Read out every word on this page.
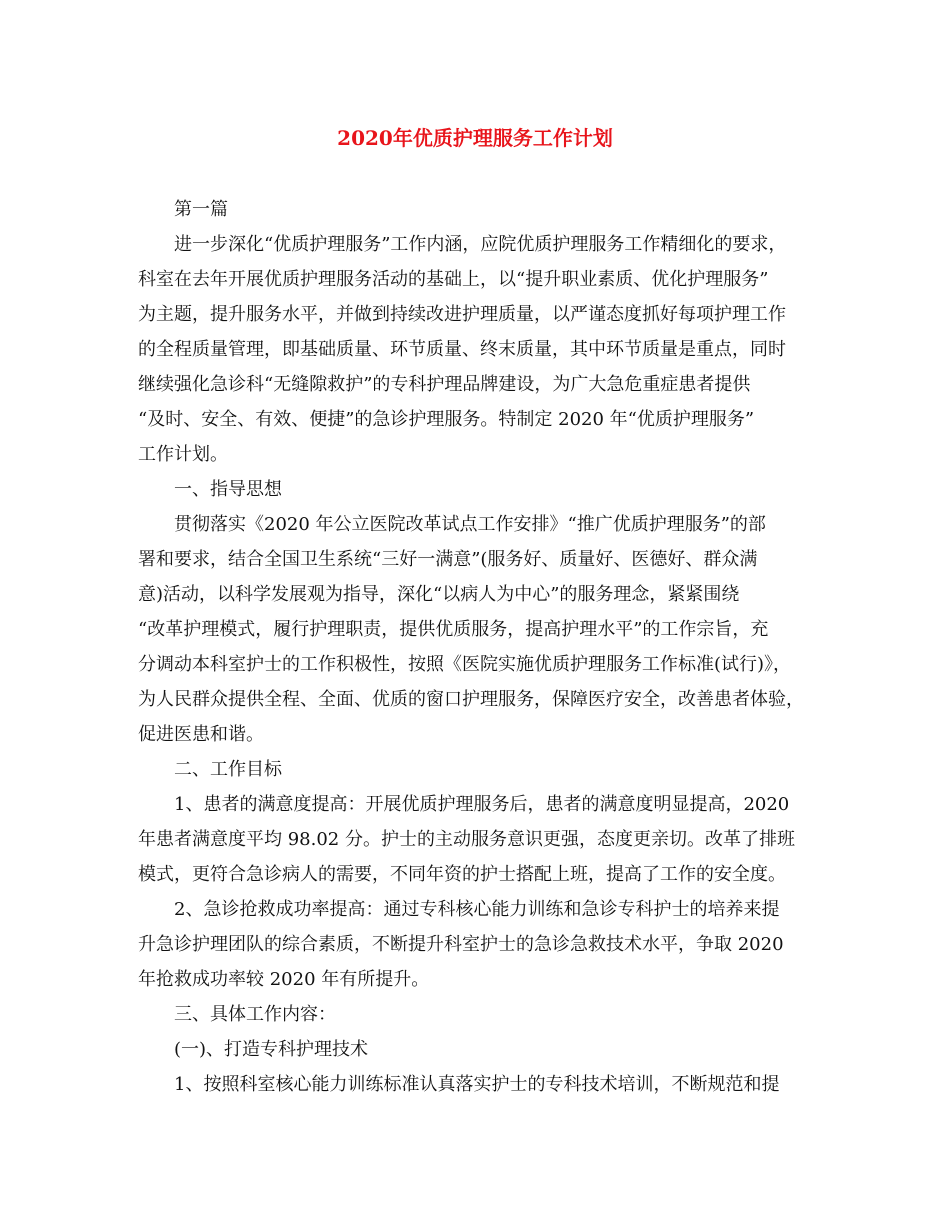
2020年优质护理服务工作计划
第一篇
进一步深化“优质护理服务”工作内涵，应院优质护理服务工作精细化的要求，
科室在去年开展优质护理服务活动的基础上，以“提升职业素质、优化护理服务”
为主题，提升服务水平，并做到持续改进护理质量，以严谨态度抓好每项护理工作
的全程质量管理，即基础质量、环节质量、终末质量，其中环节质量是重点，同时
继续强化急诊科“无缝隙救护”的专科护理品牌建设，为广大急危重症患者提供
“及时、安全、有效、便捷”的急诊护理服务。特制定 2020 年“优质护理服务”
工作计划。
一、指导思想
贯彻落实《2020 年公立医院改革试点工作安排》“推广优质护理服务”的部
署和要求，结合全国卫生系统“三好一满意”(服务好、质量好、医德好、群众满
意)活动，以科学发展观为指导，深化“以病人为中心”的服务理念，紧紧围绕
“改革护理模式，履行护理职责，提供优质服务，提高护理水平”的工作宗旨，充
分调动本科室护士的工作积极性，按照《医院实施优质护理服务工作标准(试行)》，
为人民群众提供全程、全面、优质的窗口护理服务，保障医疗安全，改善患者体验，
促进医患和谐。
二、工作目标
1、患者的满意度提高：开展优质护理服务后，患者的满意度明显提高，2020
年患者满意度平均 98.02 分。护士的主动服务意识更强，态度更亲切。改革了排班
模式，更符合急诊病人的需要，不同年资的护士搭配上班，提高了工作的安全度。
2、急诊抢救成功率提高：通过专科核心能力训练和急诊专科护士的培养来提
升急诊护理团队的综合素质，不断提升科室护士的急诊急救技术水平，争取 2020
年抢救成功率较 2020 年有所提升。
三、具体工作内容：
(一)、打造专科护理技术
1、按照科室核心能力训练标准认真落实护士的专科技术培训，不断规范和提
